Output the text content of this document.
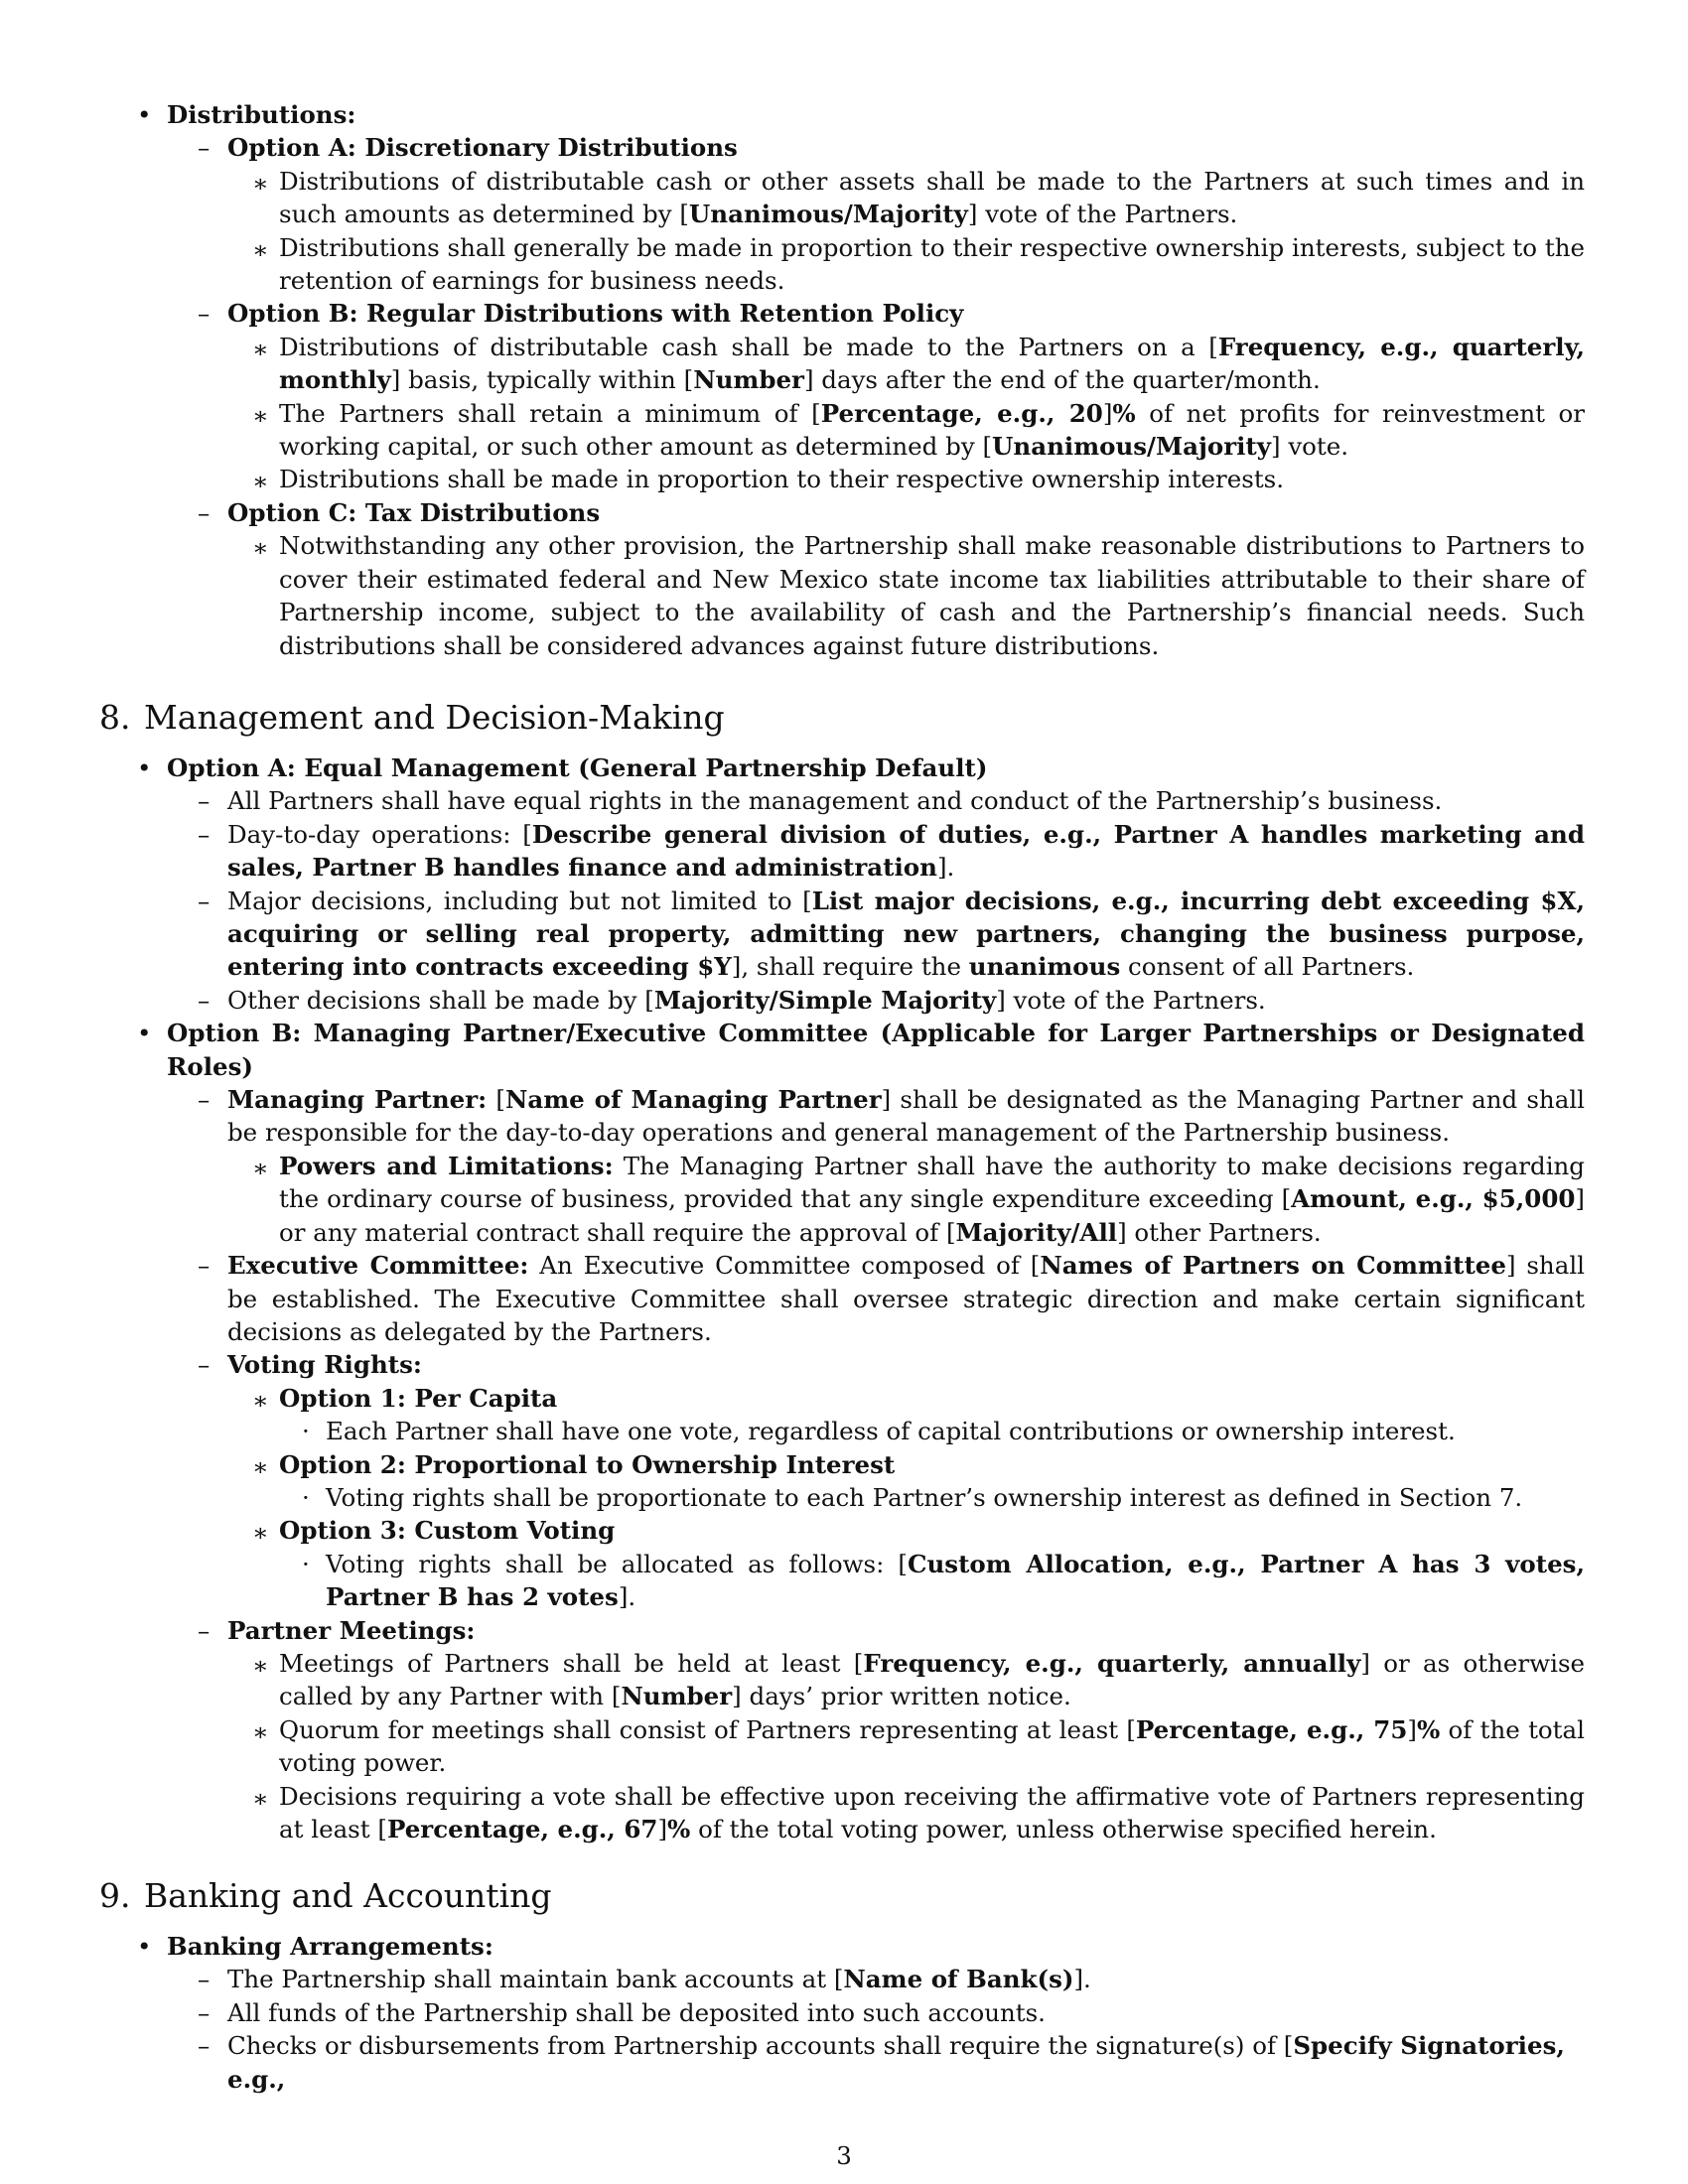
• Distributions:
– Option A: Discretionary Distributions
∗ Distributions of distributable cash or other assets shall be made to the Partners at such times and in such amounts as determined by [Unanimous/Majority] vote of the Partners.
∗ Distributions shall generally be made in proportion to their respective ownership interests, subject to the retention of earnings for business needs.
– Option B: Regular Distributions with Retention Policy
∗ Distributions of distributable cash shall be made to the Partners on a [Frequency, e.g., quarterly, monthly] basis, typically within [Number] days after the end of the quarter/month.
∗ The Partners shall retain a minimum of [Percentage, e.g., 20]% of net profits for reinvestment or working capital, or such other amount as determined by [Unanimous/Majority] vote.
∗ Distributions shall be made in proportion to their respective ownership interests.
– Option C: Tax Distributions
∗ Notwithstanding any other provision, the Partnership shall make reasonable distributions to Partners to cover their estimated federal and New Mexico state income tax liabilities attributable to their share of Partnership income, subject to the availability of cash and the Partnership’s financial needs. Such distributions shall be considered advances against future distributions.
8. Management and Decision-Making
• Option A: Equal Management (General Partnership Default)
– All Partners shall have equal rights in the management and conduct of the Partnership’s business.
– Day-to-day operations: [Describe general division of duties, e.g., Partner A handles marketing and sales, Partner B handles finance and administration].
– Major decisions, including but not limited to [List major decisions, e.g., incurring debt exceeding $X, acquiring or selling real property, admitting new partners, changing the business purpose, entering into contracts exceeding $Y], shall require the unanimous consent of all Partners.
– Other decisions shall be made by [Majority/Simple Majority] vote of the Partners.
• Option B: Managing Partner/Executive Committee (Applicable for Larger Partnerships or Designated Roles)
– Managing Partner: [Name of Managing Partner] shall be designated as the Managing Partner and shall be responsible for the day-to-day operations and general management of the Partnership business.
∗ Powers and Limitations: The Managing Partner shall have the authority to make decisions regarding the ordinary course of business, provided that any single expenditure exceeding [Amount, e.g., $5,000] or any material contract shall require the approval of [Majority/All] other Partners.
– Executive Committee: An Executive Committee composed of [Names of Partners on Committee] shall be established. The Executive Committee shall oversee strategic direction and make certain significant decisions as delegated by the Partners.
– Voting Rights:
∗ Option 1: Per Capita
· Each Partner shall have one vote, regardless of capital contributions or ownership interest.
∗ Option 2: Proportional to Ownership Interest
· Voting rights shall be proportionate to each Partner’s ownership interest as defined in Section 7.
∗ Option 3: Custom Voting
· Voting rights shall be allocated as follows: [Custom Allocation, e.g., Partner A has 3 votes, Partner B has 2 votes].
– Partner Meetings:
∗ Meetings of Partners shall be held at least [Frequency, e.g., quarterly, annually] or as otherwise called by any Partner with [Number] days’ prior written notice.
∗ Quorum for meetings shall consist of Partners representing at least [Percentage, e.g., 75]% of the total voting power.
∗ Decisions requiring a vote shall be effective upon receiving the affirmative vote of Partners representing at least [Percentage, e.g., 67]% of the total voting power, unless otherwise specified herein.
9. Banking and Accounting
• Banking Arrangements:
– The Partnership shall maintain bank accounts at [Name of Bank(s)].
– All funds of the Partnership shall be deposited into such accounts.
– Checks or disbursements from Partnership accounts shall require the signature(s) of [Specify Signatories, e.g.,
3
